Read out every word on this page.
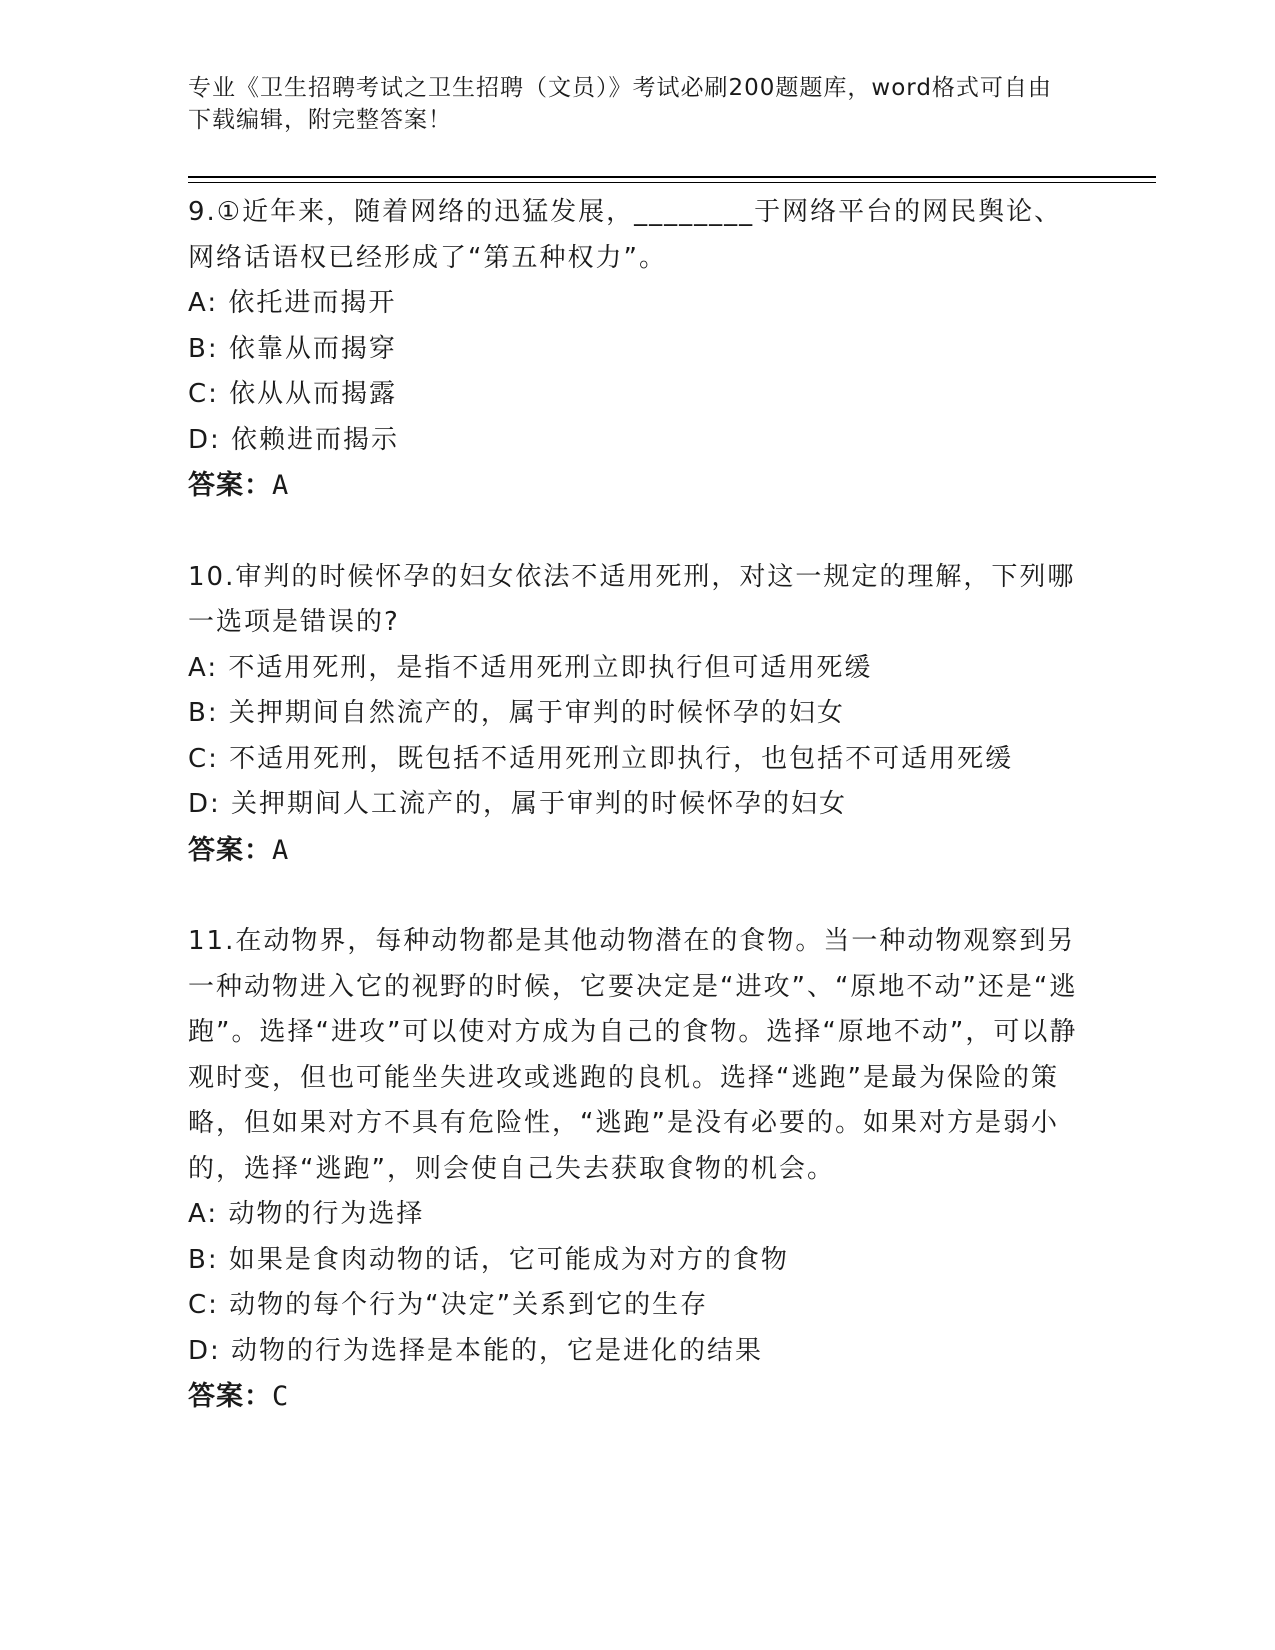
专业《卫生招聘考试之卫生招聘（文员）》考试必刷200题题库，word格式可自由下载编辑，附完整答案！
9.①近年来，随着网络的迅猛发展，________于网络平台的网民舆论、网络话语权已经形成了“第五种权力”。
A: 依托进而揭开
B: 依靠从而揭穿
C: 依从从而揭露
D: 依赖进而揭示
答案：A
10.审判的时候怀孕的妇女依法不适用死刑，对这一规定的理解，下列哪一选项是错误的?
A: 不适用死刑，是指不适用死刑立即执行但可适用死缓
B: 关押期间自然流产的，属于审判的时候怀孕的妇女
C: 不适用死刑，既包括不适用死刑立即执行，也包括不可适用死缓
D: 关押期间人工流产的，属于审判的时候怀孕的妇女
答案：A
11.在动物界，每种动物都是其他动物潜在的食物。当一种动物观察到另一种动物进入它的视野的时候，它要决定是“进攻”、“原地不动”还是“逃跑”。选择“进攻”可以使对方成为自己的食物。选择“原地不动”，可以静观时变，但也可能坐失进攻或逃跑的良机。选择“逃跑”是最为保险的策略，但如果对方不具有危险性，“逃跑”是没有必要的。如果对方是弱小的，选择“逃跑”，则会使自己失去获取食物的机会。
A: 动物的行为选择
B: 如果是食肉动物的话，它可能成为对方的食物
C: 动物的每个行为“决定”关系到它的生存
D: 动物的行为选择是本能的，它是进化的结果
答案：C
